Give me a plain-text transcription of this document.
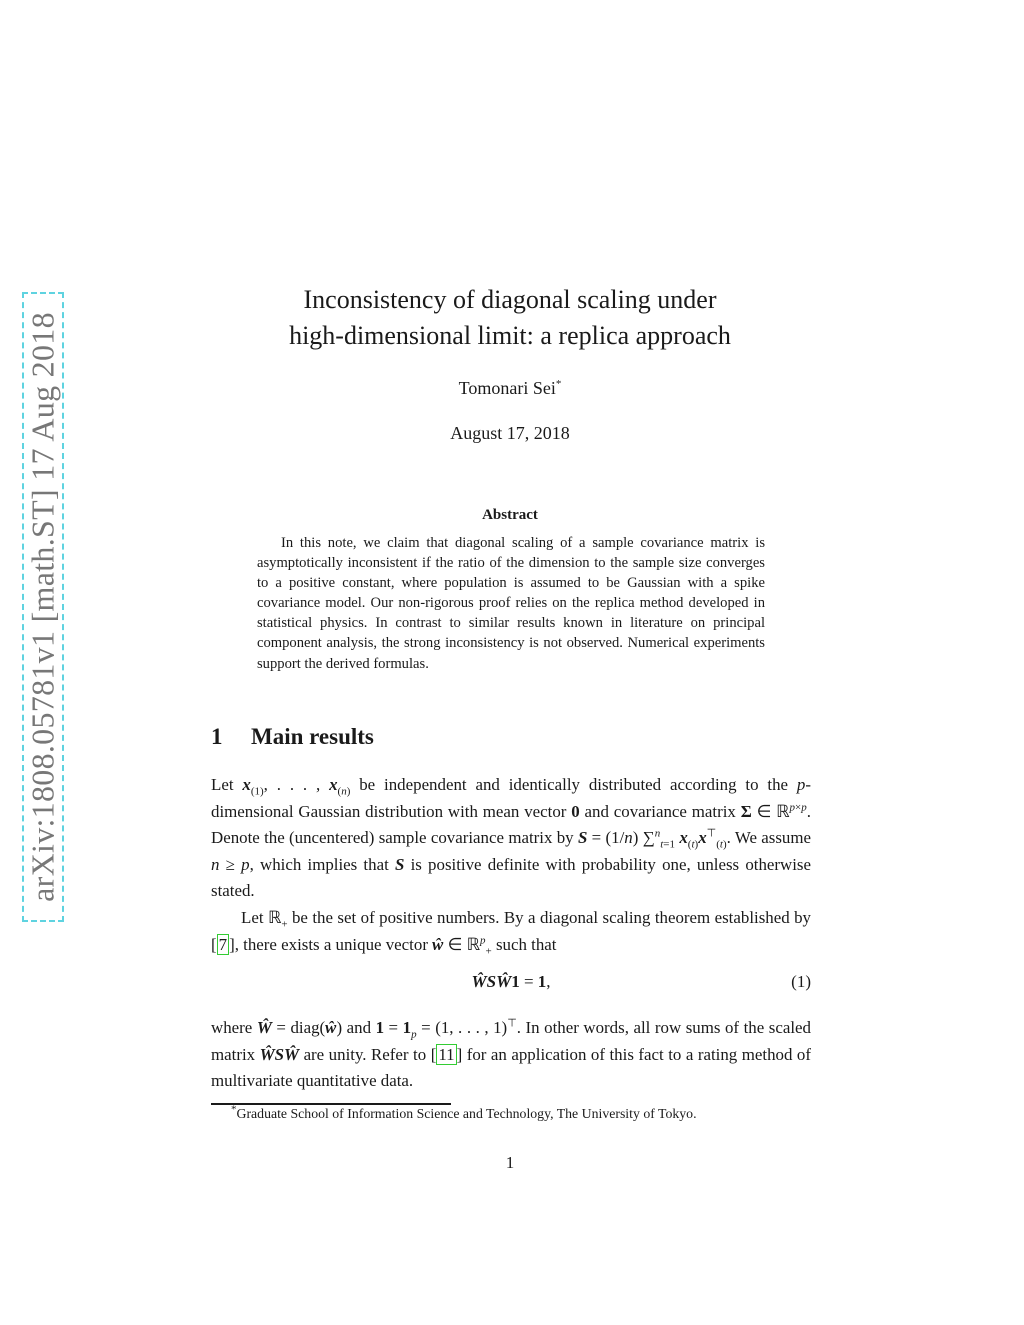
arXiv:1808.05781v1 [math.ST] 17 Aug 2018
Inconsistency of diagonal scaling under
high-dimensional limit: a replica approach
Tomonari Sei*
August 17, 2018
Abstract

In this note, we claim that diagonal scaling of a sample covariance matrix is asymptotically inconsistent if the ratio of the dimension to the sample size converges to a positive constant, where population is assumed to be Gaussian with a spike covariance model. Our non-rigorous proof relies on the replica method developed in statistical physics. In contrast to similar results known in literature on principal component analysis, the strong inconsistency is not observed. Numerical experiments support the derived formulas.

1 Main results

Let $x_{(1)}$, . . . , $x_{(n)}$ be independent and identically distributed according to the p-dimensional Gaussian distribution with mean vector 0 and covariance matrix Σ ∈ ℝ$^{p\times p}$. Denote the (uncentered) sample covariance matrix by S = (1/n) ∑$^n_{t=1}$ $x_{(t)}x^⊤_{(t)}$. We assume n ≥ p, which implies that S is positive definite with probability one, unless otherwise stated.

Let ℝ$_+$ be the set of positive numbers. By a diagonal scaling theorem established by [ 7 ], there exists a unique vector ŵ ∈ ℝ$^p_+$ such that

ŴSŴ1 = 1,	(1)

where Ŵ = diag(ŵ) and $1 = 1_p = (1$, . . . , 1)⊤. In other words, all row sums of the scaled matrix ŴSŴ are unity. Refer to [ 11 ] for an application of this fact to a rating method of multivariate quantitative data.

*Graduate School of Information Science and Technology, The University of Tokyo.
1
